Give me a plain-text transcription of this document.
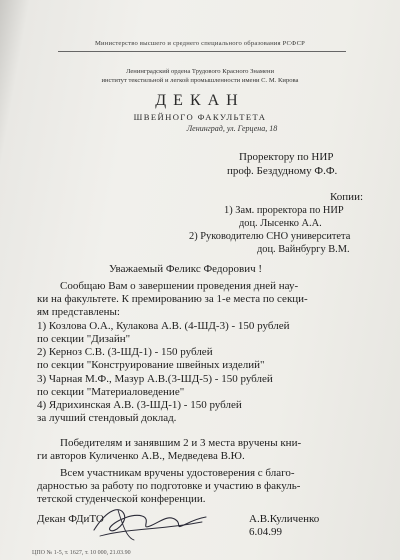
Министерство высшего и среднего специального образования РСФСР
Ленинградский ордена Трудового Красного Знамени
институт текстильной и легкой промышленности имени С. М. Кирова
ДЕКАН
ШВЕЙНОГО ФАКУЛЬТЕТА
Ленинград, ул. Герцена, 18
Проректору по НИР
проф. Бездудному Ф.Ф.
Копии:
1) Зам. проректора по НИР
доц. Лысенко А.А.
2) Руководителю СНО университета
доц. Вайнбургу В.М.
Уважаемый Феликс Федорович !
Сообщаю Вам о завершении проведения дней нау-
ки на факультете. К премированию за 1-е места по секци-
ям представлены:
1) Козлова О.А., Кулакова А.В. (4-ШД-3) - 150 рублей
по секции "Дизайн"
2) Керноз С.В. (3-ШД-1) - 150 рублей
по секции "Конструирование швейных изделий"
3) Чарная М.Ф., Мазур А.В.(3-ШД-5) - 150 рублей
по секции "Материаловедение"
4) Ядрихинская А.В. (3-ШД-1) - 150 рублей
за лучший стендовый доклад.
Победителям и занявшим 2 и 3 места вручены кни-
ги авторов Куличенко А.В., Медведева В.Ю.
Всем участникам вручены удостоверения с благо-
дарностью за работу по подготовке и участию в факуль-
тетской студенческой конференции.
Декан ФДиТО	А.В.Куличенко
6.04.99
ЦПО № 1-5, т. 1627, т. 10 000, 21.03.90
